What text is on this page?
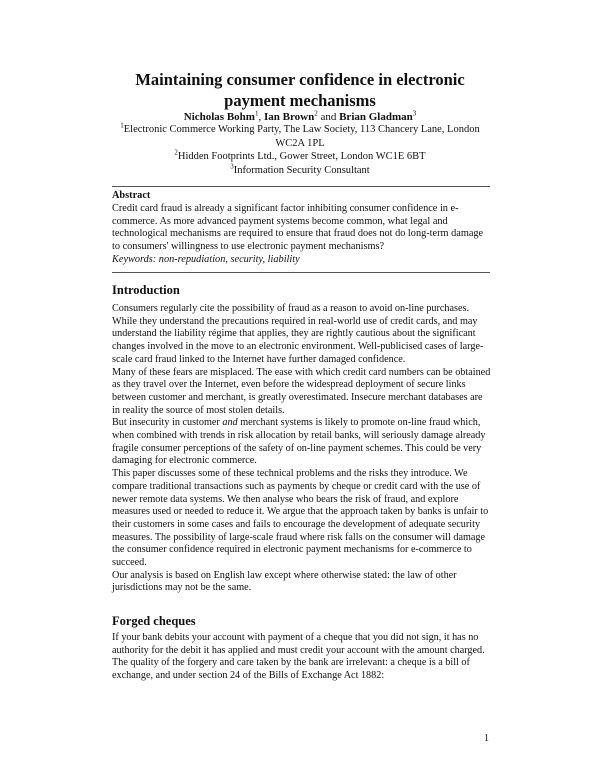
Maintaining consumer confidence in electronic payment mechanisms
Nicholas Bohm$^1$, Ian Brown$^2$ and Brian Gladman$^3$
$^1$Electronic Commerce Working Party, The Law Society, 113 Chancery Lane, London WC2A 1PL
$^2$Hidden Footprints Ltd., Gower Street, London WC1E 6BT
$^3$Information Security Consultant
Abstract
Credit card fraud is already a significant factor inhibiting consumer confidence in e-commerce. As more advanced payment systems become common, what legal and technological mechanisms are required to ensure that fraud does not do long-term damage to consumers' willingness to use electronic payment mechanisms?
Keywords: non-repudiation, security, liability
Introduction

Consumers regularly cite the possibility of fraud as a reason to avoid on-line purchases. While they understand the precautions required in real-world use of credit cards, and may understand the liability régime that applies, they are rightly cautious about the significant changes involved in the move to an electronic environment. Well-publicised cases of large-scale card fraud linked to the Internet have further damaged confidence.

Many of these fears are misplaced. The ease with which credit card numbers can be obtained as they travel over the Internet, even before the widespread deployment of secure links between customer and merchant, is greatly overestimated. Insecure merchant databases are in reality the source of most stolen details.

But insecurity in customer and merchant systems is likely to promote on-line fraud which, when combined with trends in risk allocation by retail banks, will seriously damage already fragile consumer perceptions of the safety of on-line payment schemes. This could be very damaging for electronic commerce.

This paper discusses some of these technical problems and the risks they introduce. We compare traditional transactions such as payments by cheque or credit card with the use of newer remote data systems. We then analyse who bears the risk of fraud, and explore measures used or needed to reduce it. We argue that the approach taken by banks is unfair to their customers in some cases and fails to encourage the development of adequate security measures. The possibility of large-scale fraud where risk falls on the consumer will damage the consumer confidence required in electronic payment mechanisms for e-commerce to succeed.

Our analysis is based on English law except where otherwise stated: the law of other jurisdictions may not be the same.

Forged cheques

If your bank debits your account with payment of a cheque that you did not sign, it has no authority for the debit it has applied and must credit your account with the amount charged. The quality of the forgery and care taken by the bank are irrelevant: a cheque is a bill of exchange, and under section 24 of the Bills of Exchange Act 1882:

1
